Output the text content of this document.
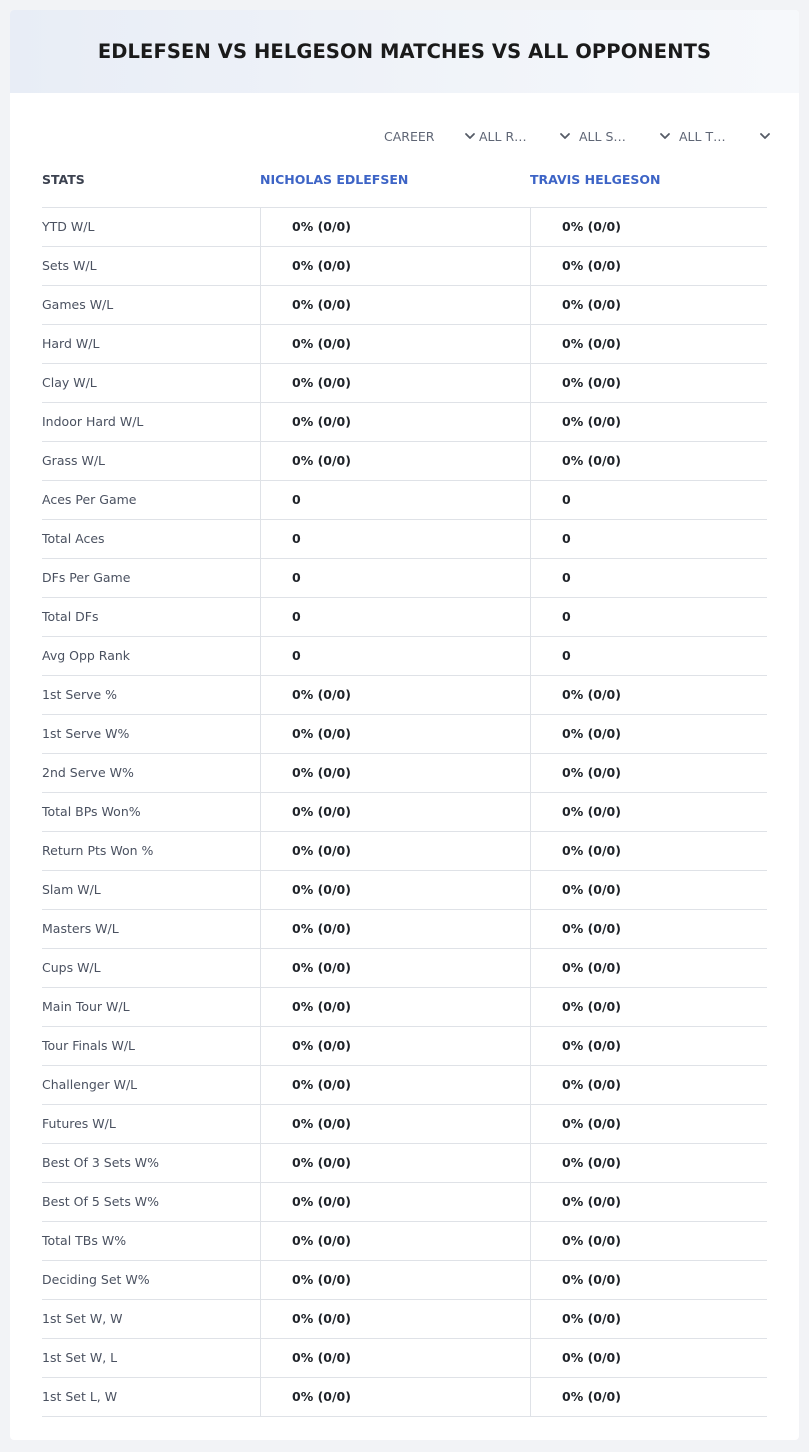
EDLEFSEN VS HELGESON MATCHES VS ALL OPPONENTS
CAREER	ALL R…	ALL S…	ALL T…
STATS	NICHOLAS EDLEFSEN	TRAVIS HELGESON
YTD W/L	0% (0/0)	0% (0/0)
Sets W/L	0% (0/0)	0% (0/0)
Games W/L	0% (0/0)	0% (0/0)
Hard W/L	0% (0/0)	0% (0/0)
Clay W/L	0% (0/0)	0% (0/0)
Indoor Hard W/L	0% (0/0)	0% (0/0)
Grass W/L	0% (0/0)	0% (0/0)
Aces Per Game	0	0
Total Aces	0	0
DFs Per Game	0	0
Total DFs	0	0
Avg Opp Rank	0	0
1st Serve %	0% (0/0)	0% (0/0)
1st Serve W%	0% (0/0)	0% (0/0)
2nd Serve W%	0% (0/0)	0% (0/0)
Total BPs Won%	0% (0/0)	0% (0/0)
Return Pts Won %	0% (0/0)	0% (0/0)
Slam W/L	0% (0/0)	0% (0/0)
Masters W/L	0% (0/0)	0% (0/0)
Cups W/L	0% (0/0)	0% (0/0)
Main Tour W/L	0% (0/0)	0% (0/0)
Tour Finals W/L	0% (0/0)	0% (0/0)
Challenger W/L	0% (0/0)	0% (0/0)
Futures W/L	0% (0/0)	0% (0/0)
Best Of 3 Sets W%	0% (0/0)	0% (0/0)
Best Of 5 Sets W%	0% (0/0)	0% (0/0)
Total TBs W%	0% (0/0)	0% (0/0)
Deciding Set W%	0% (0/0)	0% (0/0)
1st Set W, W	0% (0/0)	0% (0/0)
1st Set W, L	0% (0/0)	0% (0/0)
1st Set L, W	0% (0/0)	0% (0/0)
